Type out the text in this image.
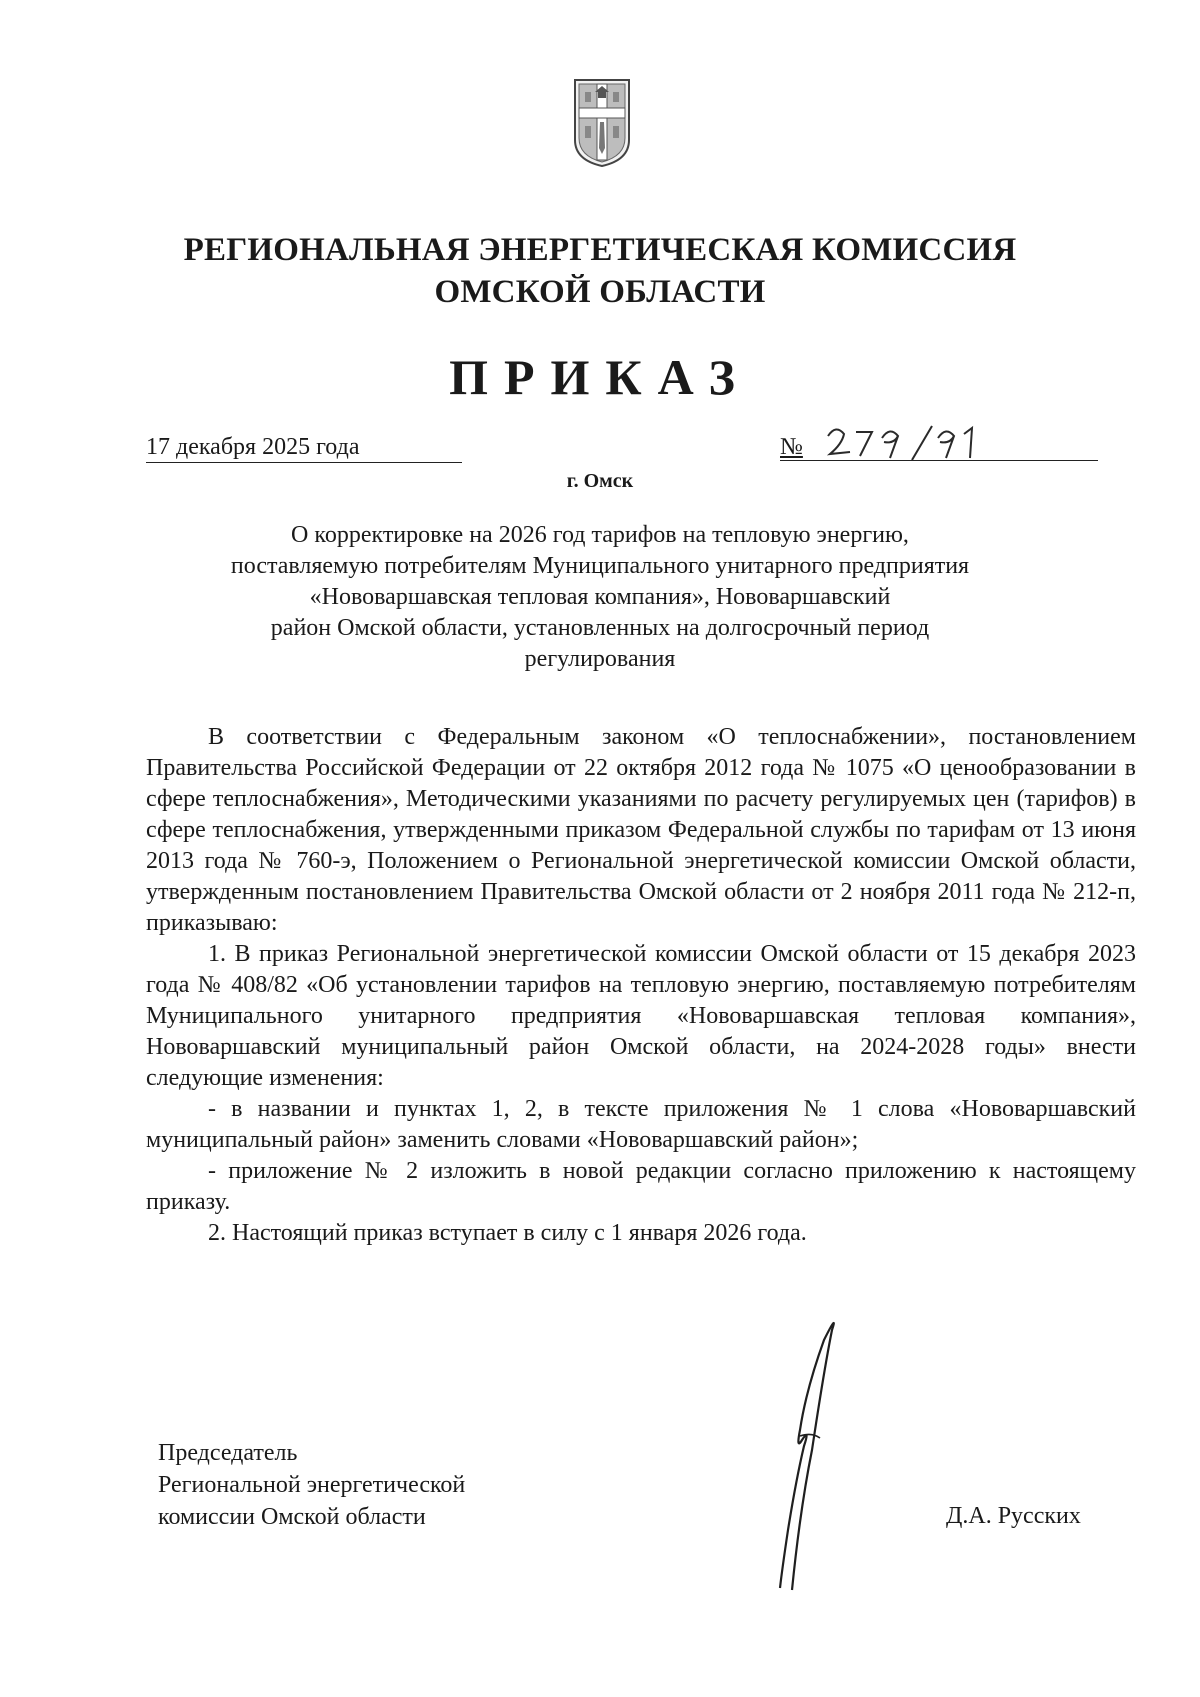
РЕГИОНАЛЬНАЯ ЭНЕРГЕТИЧЕСКАЯ КОМИССИЯ
ОМСКОЙ ОБЛАСТИ
ПРИКАЗ
17 декабря 2025 года	№
г. Омск
О корректировке на 2026 год тарифов на тепловую энергию,
поставляемую потребителям Муниципального унитарного предприятия
«Нововаршавская тепловая компания», Нововаршавский
район Омской области, установленных на долгосрочный период
регулирования

В соответствии с Федеральным законом «О теплоснабжении», постановлением Правительства Российской Федерации от 22 октября 2012 года № 1075 «О ценообразовании в сфере теплоснабжения», Методическими указаниями по расчету регулируемых цен (тарифов) в сфере теплоснабжения, утвержденными приказом Федеральной службы по тарифам от 13 июня 2013 года № 760-э, Положением о Региональной энергетической комиссии Омской области, утвержденным постановлением Правительства Омской области от 2 ноября 2011 года № 212-п, приказываю:

1. В приказ Региональной энергетической комиссии Омской области от 15 декабря 2023 года № 408/82 «Об установлении тарифов на тепловую энергию, поставляемую потребителям Муниципального унитарного предприятия «Нововаршавская тепловая компания», Нововаршавский муниципальный район Омской области, на 2024-2028 годы» внести следующие изменения:

- в названии и пунктах 1, 2, в тексте приложения № 1 слова «Нововаршавский муниципальный район» заменить словами «Нововаршавский район»;

- приложение № 2 изложить в новой редакции согласно приложению к настоящему приказу.

2. Настоящий приказ вступает в силу с 1 января 2026 года.

Председатель
Региональной энергетической
комиссии Омской области	Д.А. Русских
